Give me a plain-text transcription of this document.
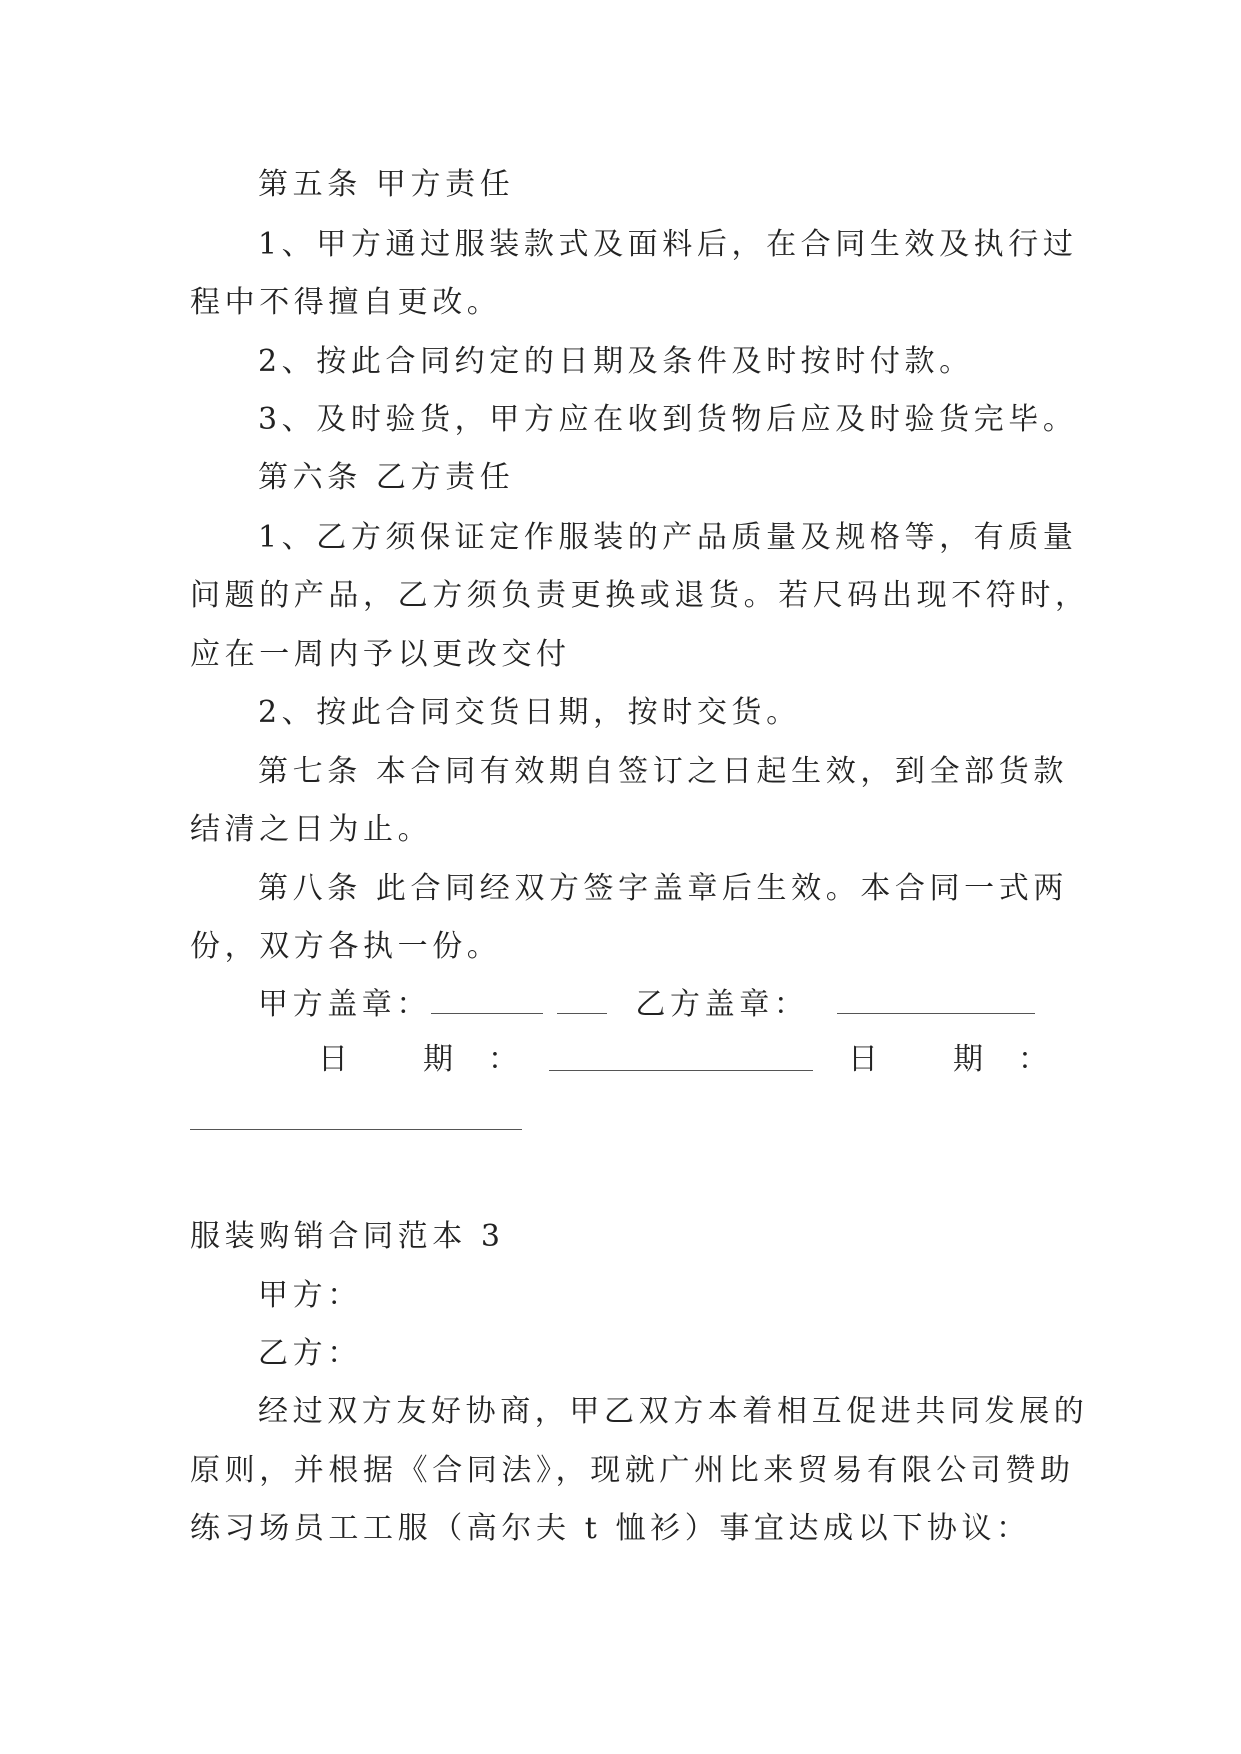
第五条 甲方责任
1、甲方通过服装款式及面料后，在合同生效及执行过
程中不得擅自更改。
2、按此合同约定的日期及条件及时按时付款。
3、及时验货，甲方应在收到货物后应及时验货完毕。
第六条 乙方责任
1、乙方须保证定作服装的产品质量及规格等，有质量
问题的产品，乙方须负责更换或退货。若尺码出现不符时，
应在一周内予以更改交付
2、按此合同交货日期，按时交货。
第七条 本合同有效期自签订之日起生效，到全部货款
结清之日为止。
第八条 此合同经双方签字盖章后生效。本合同一式两
份，双方各执一份。
甲方盖章：	乙方盖章：
日 期 ：	日 期 ：
服装购销合同范本 3
甲方：
乙方：
经过双方友好协商，甲乙双方本着相互促进共同发展的
原则，并根据《合同法》，现就广州比来贸易有限公司赞助
练习场员工工服（高尔夫 t 恤衫）事宜达成以下协议：
